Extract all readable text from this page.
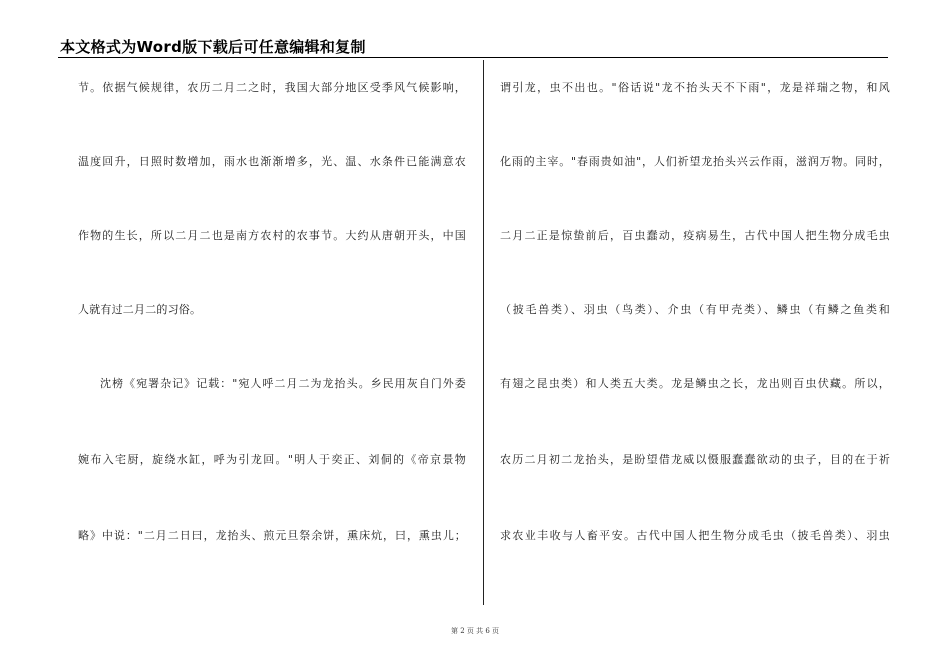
本文格式为Word版下载后可任意编辑和复制
节。依据气候规律，农历二月二之时，我国大部分地区受季风气候影响，
温度回升，日照时数增加，雨水也渐渐增多，光、温、水条件已能满意农
作物的生长，所以二月二也是南方农村的农事节。大约从唐朝开头，中国
人就有过二月二的习俗。
沈榜《宛署杂记》记载："宛人呼二月二为龙抬头。乡民用灰自门外委
婉布入宅厨，旋绕水缸，呼为引龙回。"明人于奕正、刘侗的《帝京景物
略》中说："二月二日曰，龙抬头、煎元旦祭余饼，熏床炕，曰，熏虫儿；
谓引龙，虫不出也。"俗话说"龙不抬头天不下雨"，龙是祥瑞之物，和风
化雨的主宰。"春雨贵如油"，人们祈望龙抬头兴云作雨，滋润万物。同时，
二月二正是惊蛰前后，百虫蠢动，疫病易生，古代中国人把生物分成毛虫
（披毛兽类）、羽虫（鸟类）、介虫（有甲壳类）、鳞虫（有鳞之鱼类和
有翅之昆虫类）和人类五大类。龙是鳞虫之长，龙出则百虫伏藏。所以，
农历二月初二龙抬头，是盼望借龙威以慑服蠢蠢欲动的虫子，目的在于祈
求农业丰收与人畜平安。古代中国人把生物分成毛虫（披毛兽类）、羽虫
第 2 页 共 6 页
